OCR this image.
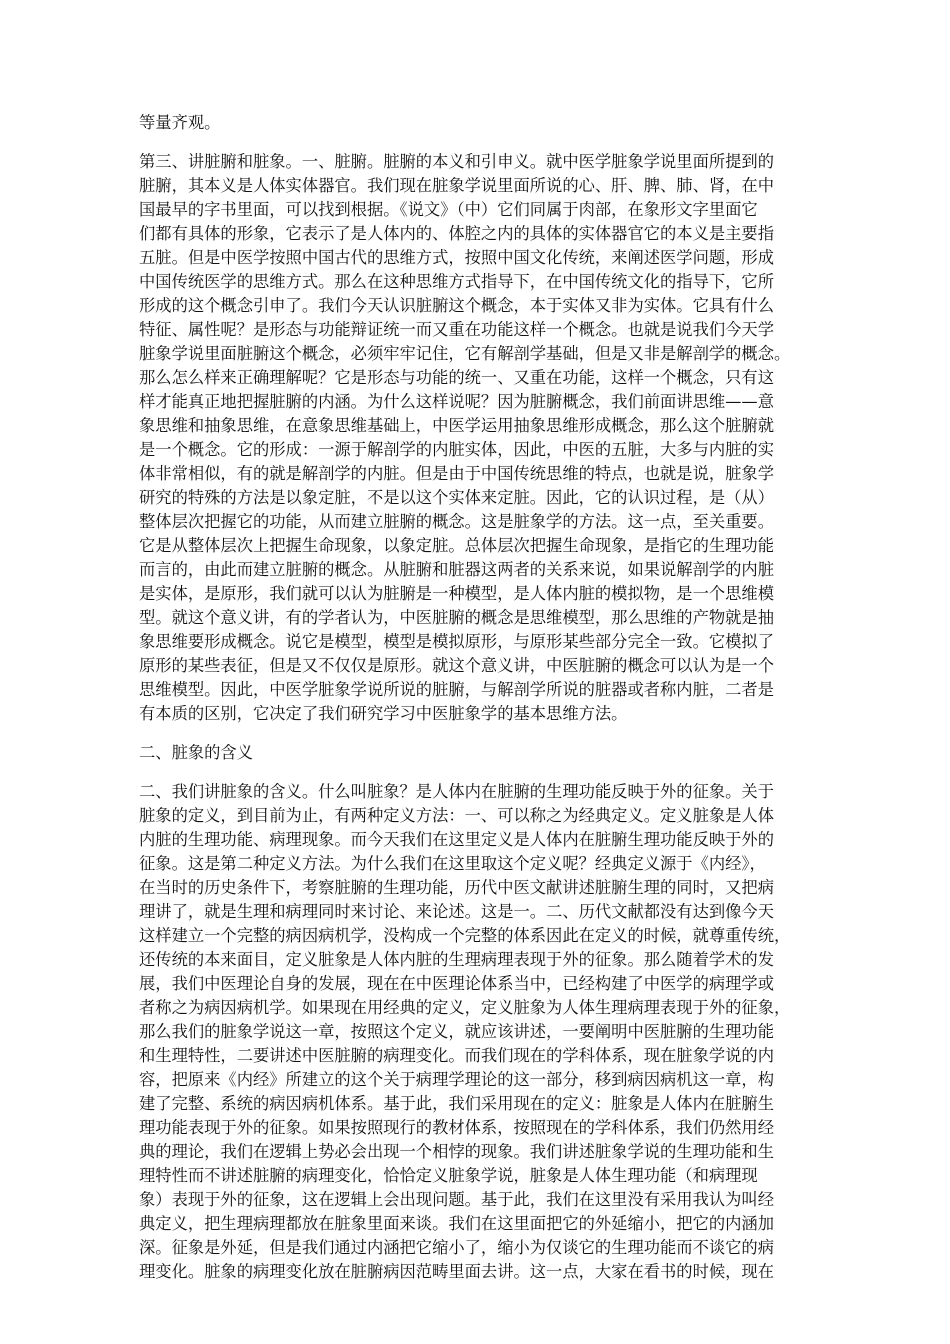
等量齐观。

第三、讲脏腑和脏象。一、脏腑。脏腑的本义和引申义。就中医学脏象学说里面所提到的

脏腑，其本义是人体实体器官。我们现在脏象学说里面所说的心、肝、脾、肺、肾，在中

国最早的字书里面，可以找到根据。《说文》（中）它们同属于肉部，在象形文字里面它

们都有具体的形象，它表示了是人体内的、体腔之内的具体的实体器官它的本义是主要指

五脏。但是中医学按照中国古代的思维方式，按照中国文化传统，来阐述医学问题，形成

中国传统医学的思维方式。那么在这种思维方式指导下，在中国传统文化的指导下，它所

形成的这个概念引申了。我们今天认识脏腑这个概念，本于实体又非为实体。它具有什么

特征、属性呢？是形态与功能辩证统一而又重在功能这样一个概念。也就是说我们今天学

脏象学说里面脏腑这个概念，必须牢牢记住，它有解剖学基础，但是又非是解剖学的概念。

那么怎么样来正确理解呢？它是形态与功能的统一、又重在功能，这样一个概念，只有这

样才能真正地把握脏腑的内涵。为什么这样说呢？因为脏腑概念，我们前面讲思维——意

象思维和抽象思维，在意象思维基础上，中医学运用抽象思维形成概念，那么这个脏腑就

是一个概念。它的形成：一源于解剖学的内脏实体，因此，中医的五脏，大多与内脏的实

体非常相似，有的就是解剖学的内脏。但是由于中国传统思维的特点，也就是说，脏象学

研究的特殊的方法是以象定脏，不是以这个实体来定脏。因此，它的认识过程，是（从）

整体层次把握它的功能，从而建立脏腑的概念。这是脏象学的方法。这一点，至关重要。

它是从整体层次上把握生命现象，以象定脏。总体层次把握生命现象，是指它的生理功能

而言的，由此而建立脏腑的概念。从脏腑和脏器这两者的关系来说，如果说解剖学的内脏

是实体，是原形，我们就可以认为脏腑是一种模型，是人体内脏的模拟物，是一个思维模

型。就这个意义讲，有的学者认为，中医脏腑的概念是思维模型，那么思维的产物就是抽

象思维要形成概念。说它是模型，模型是模拟原形，与原形某些部分完全一致。它模拟了

原形的某些表征，但是又不仅仅是原形。就这个意义讲，中医脏腑的概念可以认为是一个

思维模型。因此，中医学脏象学说所说的脏腑，与解剖学所说的脏器或者称内脏，二者是

有本质的区别，它决定了我们研究学习中医脏象学的基本思维方法。

二、脏象的含义

二、我们讲脏象的含义。什么叫脏象？是人体内在脏腑的生理功能反映于外的征象。关于

脏象的定义，到目前为止，有两种定义方法：一、可以称之为经典定义。定义脏象是人体

内脏的生理功能、病理现象。而今天我们在这里定义是人体内在脏腑生理功能反映于外的

征象。这是第二种定义方法。为什么我们在这里取这个定义呢？经典定义源于《内经》，

在当时的历史条件下，考察脏腑的生理功能，历代中医文献讲述脏腑生理的同时，又把病

理讲了，就是生理和病理同时来讨论、来论述。这是一。二、历代文献都没有达到像今天

这样建立一个完整的病因病机学，没构成一个完整的体系因此在定义的时候，就尊重传统，

还传统的本来面目，定义脏象是人体内脏的生理病理表现于外的征象。那么随着学术的发

展，我们中医理论自身的发展，现在在中医理论体系当中，已经构建了中医学的病理学或

者称之为病因病机学。如果现在用经典的定义，定义脏象为人体生理病理表现于外的征象，

那么我们的脏象学说这一章，按照这个定义，就应该讲述，一要阐明中医脏腑的生理功能

和生理特性，二要讲述中医脏腑的病理变化。而我们现在的学科体系，现在脏象学说的内

容，把原来《内经》所建立的这个关于病理学理论的这一部分，移到病因病机这一章，构

建了完整、系统的病因病机体系。基于此，我们采用现在的定义：脏象是人体内在脏腑生

理功能表现于外的征象。如果按照现行的教材体系，按照现在的学科体系，我们仍然用经

典的理论，我们在逻辑上势必会出现一个相悖的现象。我们讲述脏象学说的生理功能和生

理特性而不讲述脏腑的病理变化，恰恰定义脏象学说，脏象是人体生理功能（和病理现

象）表现于外的征象，这在逻辑上会出现问题。基于此，我们在这里没有采用我认为叫经

典定义，把生理病理都放在脏象里面来谈。我们在这里面把它的外延缩小，把它的内涵加

深。征象是外延，但是我们通过内涵把它缩小了，缩小为仅谈它的生理功能而不谈它的病

理变化。脏象的病理变化放在脏腑病因范畴里面去讲。这一点，大家在看书的时候，现在
